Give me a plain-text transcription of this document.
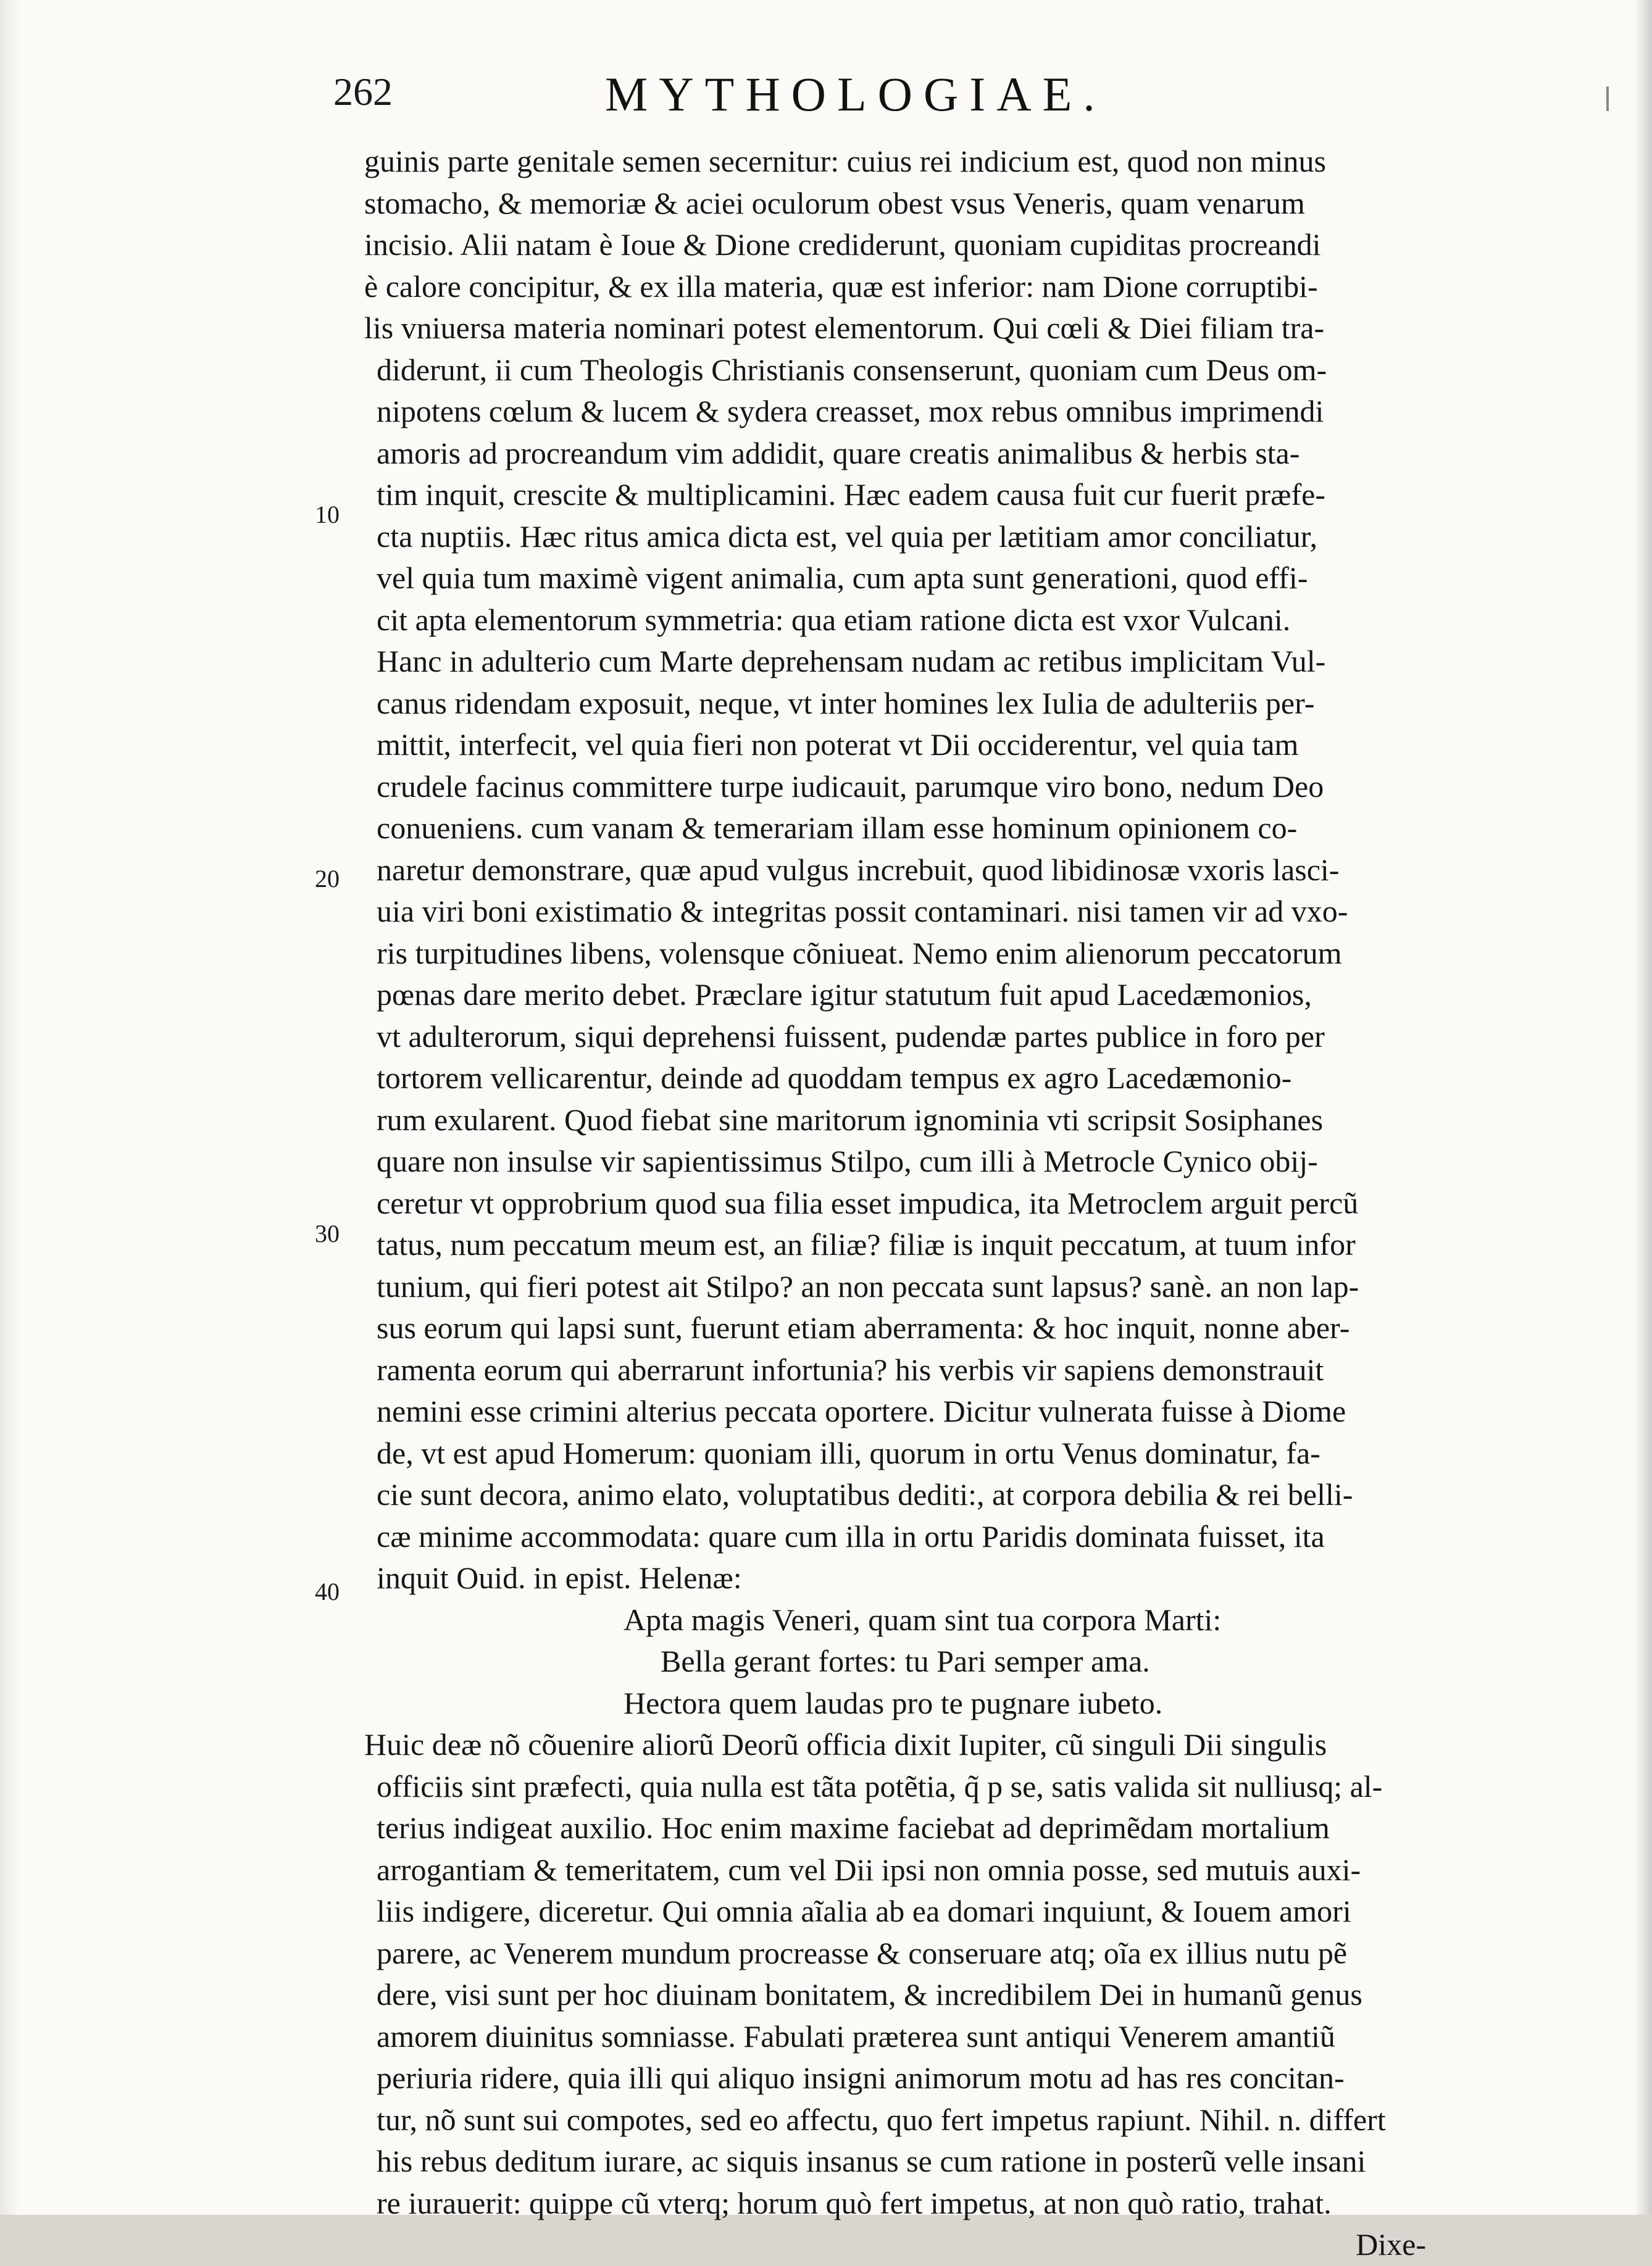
262	MYTHOLOGIAE.
10
20
30
40
guinis parte genitale semen secernitur: cuius rei indicium est, quod non minus
stomacho, & memoriæ & aciei oculorum obest vsus Veneris, quam venarum
incisio. Alii natam è Ioue & Dione crediderunt, quoniam cupiditas procreandi
è calore concipitur, & ex illa materia, quæ est inferior: nam Dione corruptibi-
lis vniuersa materia nominari potest elementorum. Qui cœli & Diei filiam tra-
diderunt, ii cum Theologis Christianis consenserunt, quoniam cum Deus om-
nipotens cœlum & lucem & sydera creasset, mox rebus omnibus imprimendi
amoris ad procreandum vim addidit, quare creatis animalibus & herbis sta-
tim inquit, crescite & multiplicamini. Hæc eadem causa fuit cur fuerit præfe-
cta nuptiis. Hæc ritus amica dicta est, vel quia per lætitiam amor conciliatur,
vel quia tum maximè vigent animalia, cum apta sunt generationi, quod effi-
cit apta elementorum symmetria: qua etiam ratione dicta est vxor Vulcani.
Hanc in adulterio cum Marte deprehensam nudam ac retibus implicitam Vul-
canus ridendam exposuit, neque, vt inter homines lex Iulia de adulteriis per-
mittit, interfecit, vel quia fieri non poterat vt Dii occiderentur, vel quia tam
crudele facinus committere turpe iudicauit, parumque viro bono, nedum Deo
conueniens. cum vanam & temerariam illam esse hominum opinionem co-
naretur demonstrare, quæ apud vulgus increbuit, quod libidinosæ vxoris lasci-
uia viri boni existimatio & integritas possit contaminari. nisi tamen vir ad vxo-
ris turpitudines libens, volensque cõniueat. Nemo enim alienorum peccatorum
pœnas dare merito debet. Præclare igitur statutum fuit apud Lacedæmonios,
vt adulterorum, siqui deprehensi fuissent, pudendæ partes publice in foro per
tortorem vellicarentur, deinde ad quoddam tempus ex agro Lacedæmonio-
rum exularent. Quod fiebat sine maritorum ignominia vti scripsit Sosiphanes
quare non insulse vir sapientissimus Stilpo, cum illi à Metrocle Cynico obij-
ceretur vt opprobrium quod sua filia esset impudica, ita Metroclem arguit percũ
tatus, num peccatum meum est, an filiæ? filiæ is inquit peccatum, at tuum infor
tunium, qui fieri potest ait Stilpo? an non peccata sunt lapsus? sanè. an non lap-
sus eorum qui lapsi sunt, fuerunt etiam aberramenta: & hoc inquit, nonne aber-
ramenta eorum qui aberrarunt infortunia? his verbis vir sapiens demonstrauit
nemini esse crimini alterius peccata oportere. Dicitur vulnerata fuisse à Diome
de, vt est apud Homerum: quoniam illi, quorum in ortu Venus dominatur, fa-
cie sunt decora, animo elato, voluptatibus dediti:, at corpora debilia & rei belli-
cæ minime accommodata: quare cum illa in ortu Paridis dominata fuisset, ita
inquit Ouid. in epist. Helenæ:
Apta magis Veneri, quam sint tua corpora Marti:
Bella gerant fortes: tu Pari semper ama.
Hectora quem laudas pro te pugnare iubeto.
Huic deæ nõ cõuenire aliorũ Deorũ officia dixit Iupiter, cũ singuli Dii singulis
officiis sint præfecti, quia nulla est tãta potẽtia, q̃ p se, satis valida sit nulliusq; al-
terius indigeat auxilio. Hoc enim maxime faciebat ad deprimẽdam mortalium
arrogantiam & temeritatem, cum vel Dii ipsi non omnia posse, sed mutuis auxi-
liis indigere, diceretur. Qui omnia aĩalia ab ea domari inquiunt, & Iouem amori
parere, ac Venerem mundum procreasse & conseruare atq; oĩa ex illius nutu pẽ
dere, visi sunt per hoc diuinam bonitatem, & incredibilem Dei in humanũ genus
amorem diuinitus somniasse. Fabulati præterea sunt antiqui Venerem amantiũ
periuria ridere, quia illi qui aliquo insigni animorum motu ad has res concitan-
tur, nõ sunt sui compotes, sed eo affectu, quo fert impetus rapiunt. Nihil. n. differt
his rebus deditum iurare, ac siquis insanus se cum ratione in posterũ velle insani
re iurauerit: quippe cũ vterq; horum quò fert impetus, at non quò ratio, trahat.
Dixe-
